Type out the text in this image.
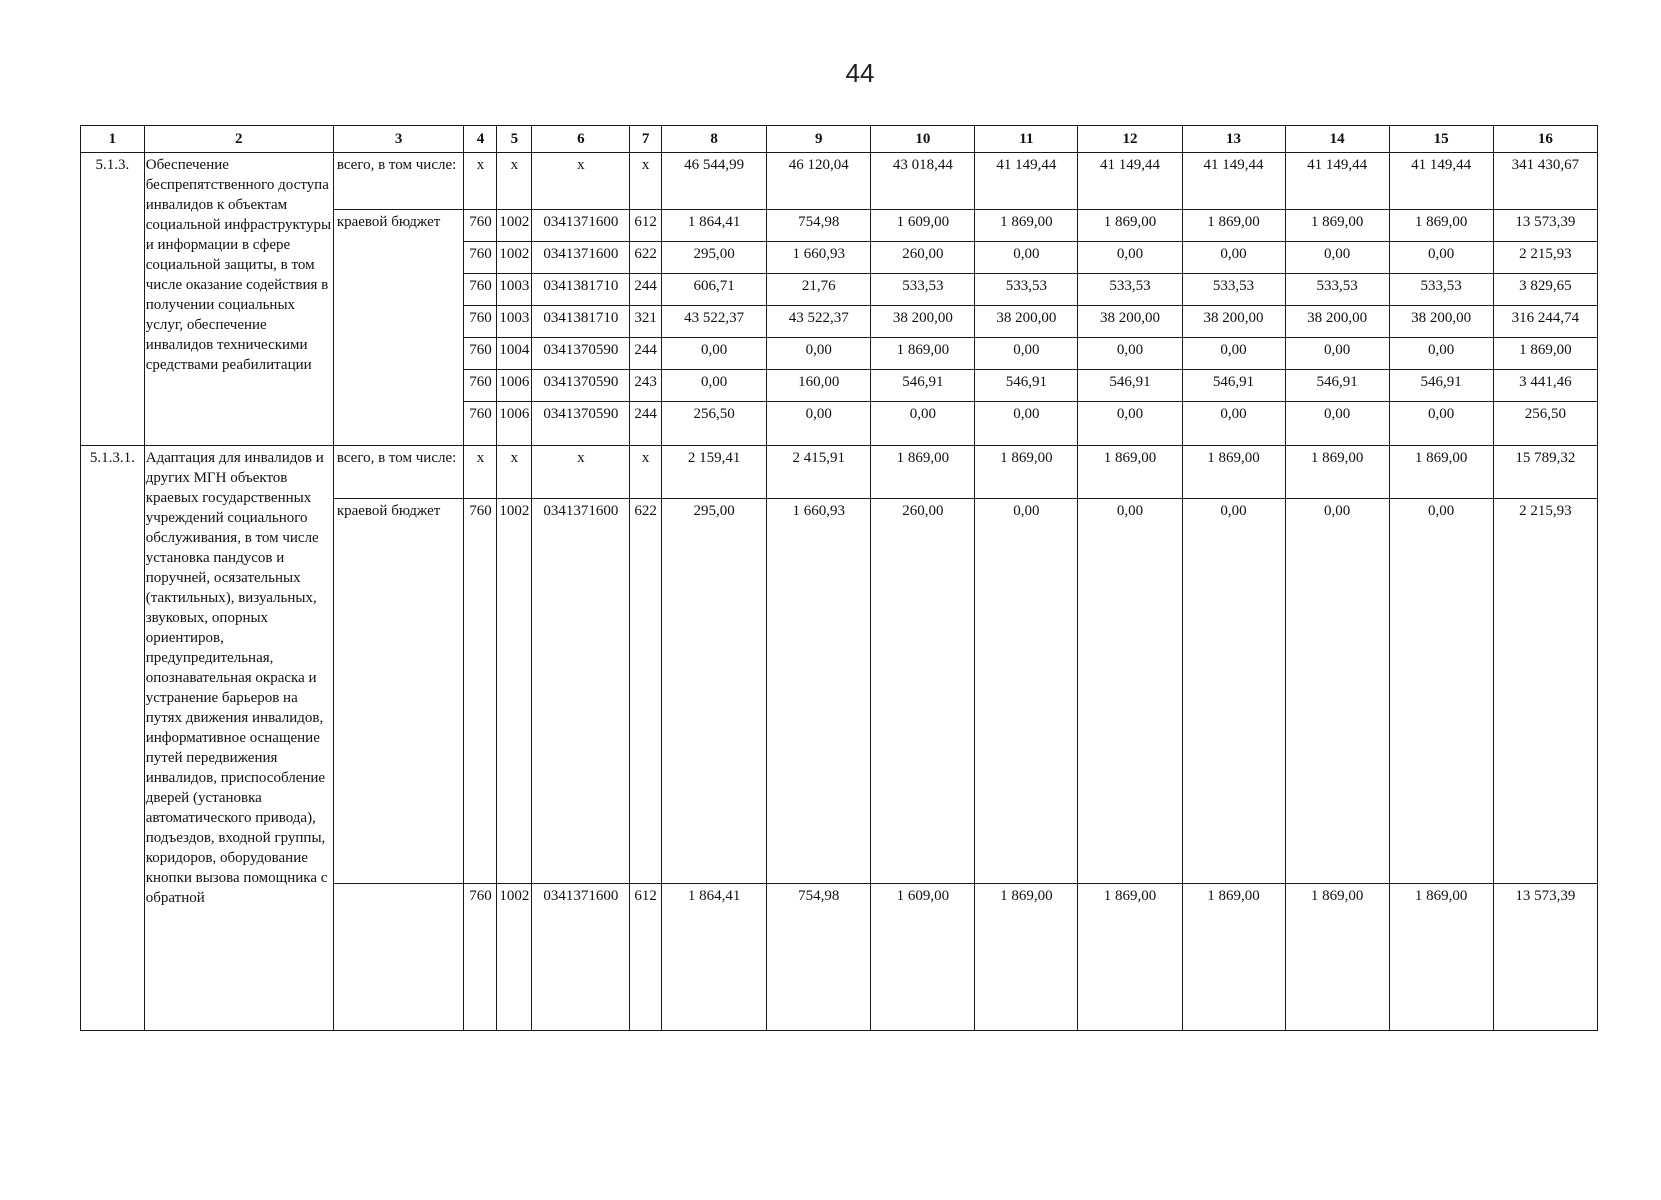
44
1	2	3	4	5	6	7	8	9	10	11	12	13	14	15	16
5.1.3.	Обеспечение беспрепятственного доступа инвалидов к объектам социальной инфраструктуры и информации в сфере социальной защиты, в том числе оказание содействия в получении социальных услуг, обеспечение инвалидов техническими средствами реабилитации	всего, в том числе:	х	х	х	х	46 544,99	46 120,04	43 018,44	41 149,44	41 149,44	41 149,44	41 149,44	41 149,44	341 430,67
		краевой бюджет	760	1002	0341371600	612	1 864,41	754,98	1 609,00	1 869,00	1 869,00	1 869,00	1 869,00	1 869,00	13 573,39
			760	1002	0341371600	622	295,00	1 660,93	260,00	0,00	0,00	0,00	0,00	0,00	2 215,93
			760	1003	0341381710	244	606,71	21,76	533,53	533,53	533,53	533,53	533,53	533,53	3 829,65
			760	1003	0341381710	321	43 522,37	43 522,37	38 200,00	38 200,00	38 200,00	38 200,00	38 200,00	38 200,00	316 244,74
			760	1004	0341370590	244	0,00	0,00	1 869,00	0,00	0,00	0,00	0,00	0,00	1 869,00
			760	1006	0341370590	243	0,00	160,00	546,91	546,91	546,91	546,91	546,91	546,91	3 441,46
			760	1006	0341370590	244	256,50	0,00	0,00	0,00	0,00	0,00	0,00	0,00	256,50
5.1.3.1.	Адаптация для инвалидов и других МГН объектов краевых государственных учреждений социального обслуживания, в том числе установка пандусов и поручней, осязательных (тактильных), визуальных, звуковых, опорных ориентиров, предупредительная, опознавательная окраска и устранение барьеров на путях движения инвалидов, информативное оснащение путей передвижения инвалидов, приспособление дверей (установка автоматического привода), подъездов, входной группы, коридоров, оборудование кнопки вызова помощника с обратной	всего, в том числе:	х	х	х	х	2 159,41	2 415,91	1 869,00	1 869,00	1 869,00	1 869,00	1 869,00	1 869,00	15 789,32
		краевой бюджет	760	1002	0341371600	622	295,00	1 660,93	260,00	0,00	0,00	0,00	0,00	0,00	2 215,93
			760	1002	0341371600	612	1 864,41	754,98	1 609,00	1 869,00	1 869,00	1 869,00	1 869,00	1 869,00	13 573,39
